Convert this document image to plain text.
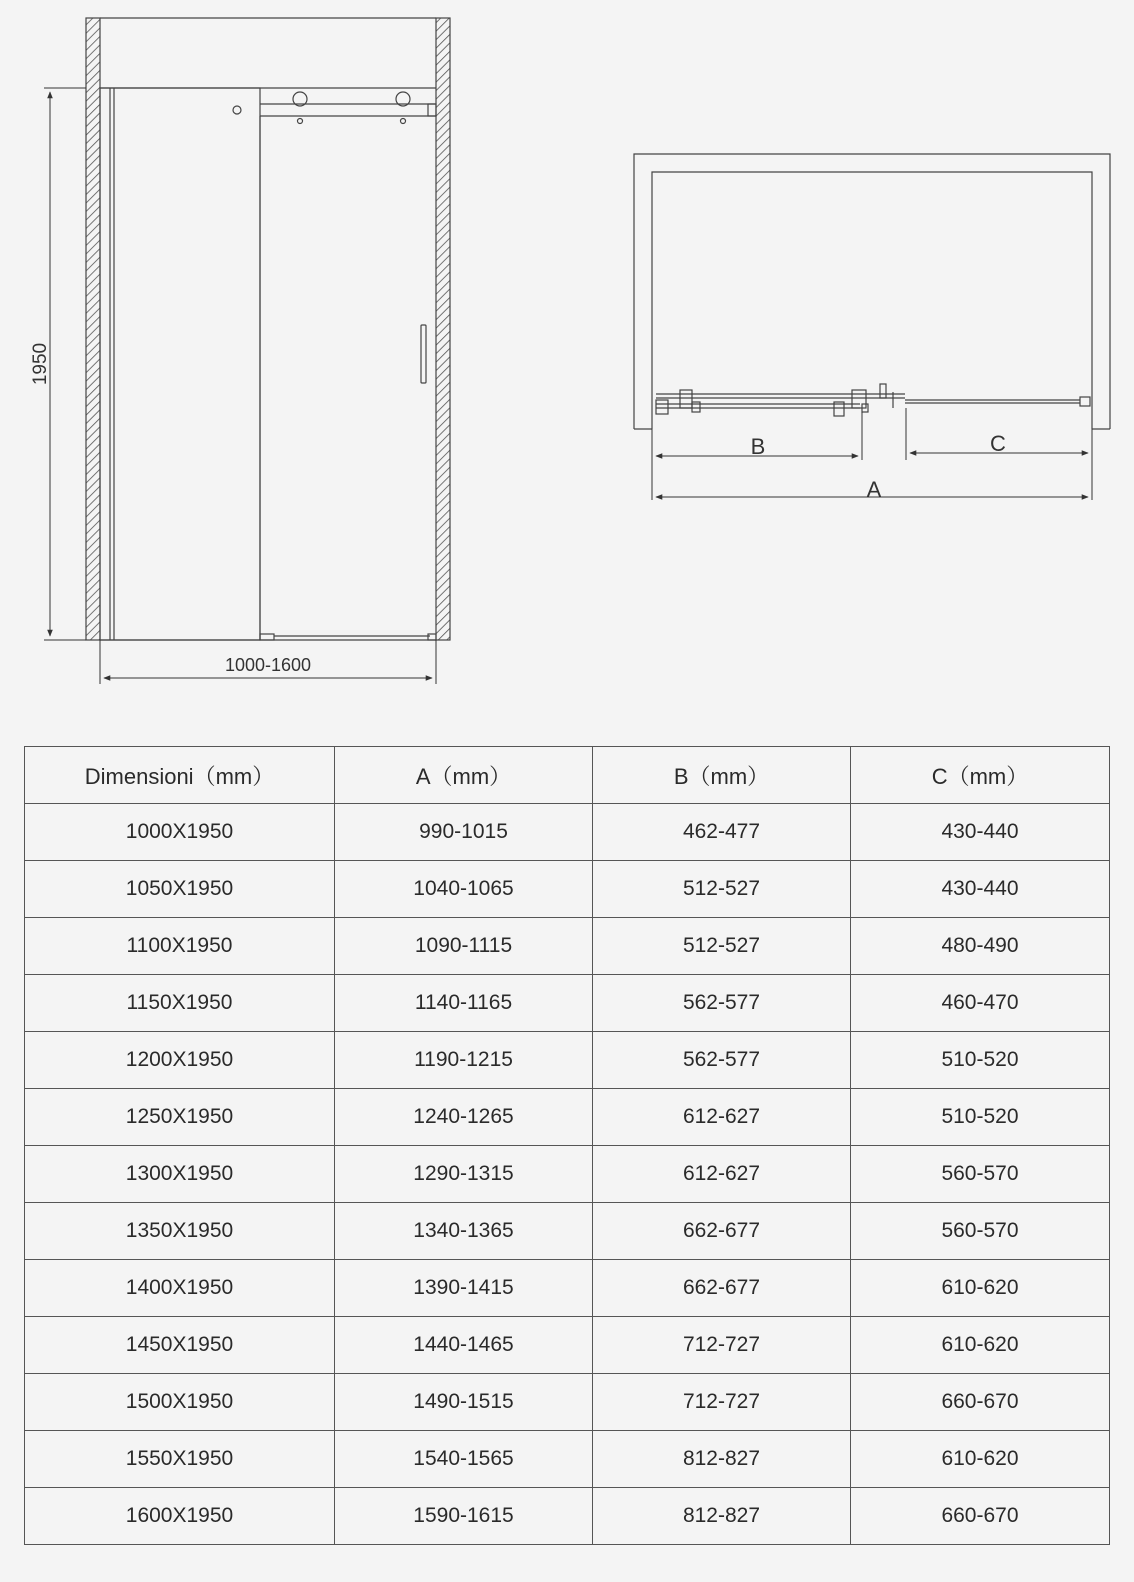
1950
1000-1600
B	C
A
Dimensioni（mm）	A（mm）	B（mm）	C（mm）
1000X1950	990-1015	462-477	430-440
1050X1950	1040-1065	512-527	430-440
1100X1950	1090-1115	512-527	480-490
1150X1950	1140-1165	562-577	460-470
1200X1950	1190-1215	562-577	510-520
1250X1950	1240-1265	612-627	510-520
1300X1950	1290-1315	612-627	560-570
1350X1950	1340-1365	662-677	560-570
1400X1950	1390-1415	662-677	610-620
1450X1950	1440-1465	712-727	610-620
1500X1950	1490-1515	712-727	660-670
1550X1950	1540-1565	812-827	610-620
1600X1950	1590-1615	812-827	660-670
